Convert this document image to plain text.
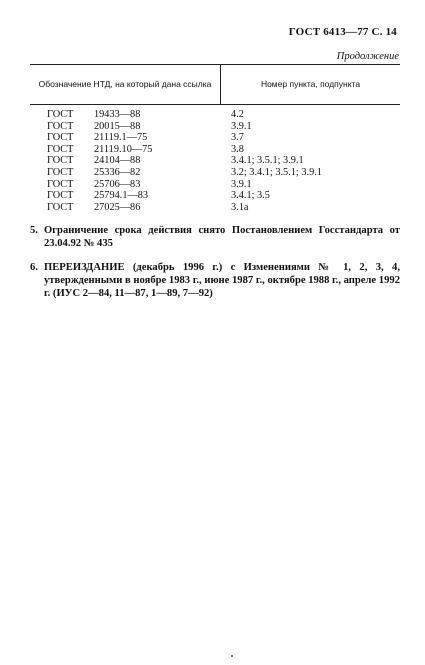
ГОСТ 6413—77 С. 14
Продолжение
Обозначение НТД, на который дана ссылка	Номер пункта, подпункта
ГОСТ 19433—88	4.2
ГОСТ 20015—88	3.9.1
ГОСТ 21119.1—75	3.7
ГОСТ 21119.10—75	3.8
ГОСТ 24104—88	3.4.1; 3.5.1; 3.9.1
ГОСТ 25336—82	3.2; 3.4.1; 3.5.1; 3.9.1
ГОСТ 25706—83	3.9.1
ГОСТ 25794.1—83	3.4.1; 3.5
ГОСТ 27025—86	3.1а
5. Ограничение срока действия снято Постановлением Госстандарта от 23.04.92 № 435
6. ПЕРЕИЗДАНИЕ (декабрь 1996 г.) с Изменениями № 1, 2, 3, 4, утвержденными в ноябре 1983 г., июне 1987 г., октябре 1988 г., апреле 1992 г. (ИУС 2—84, 11—87, 1—89, 7—92)
